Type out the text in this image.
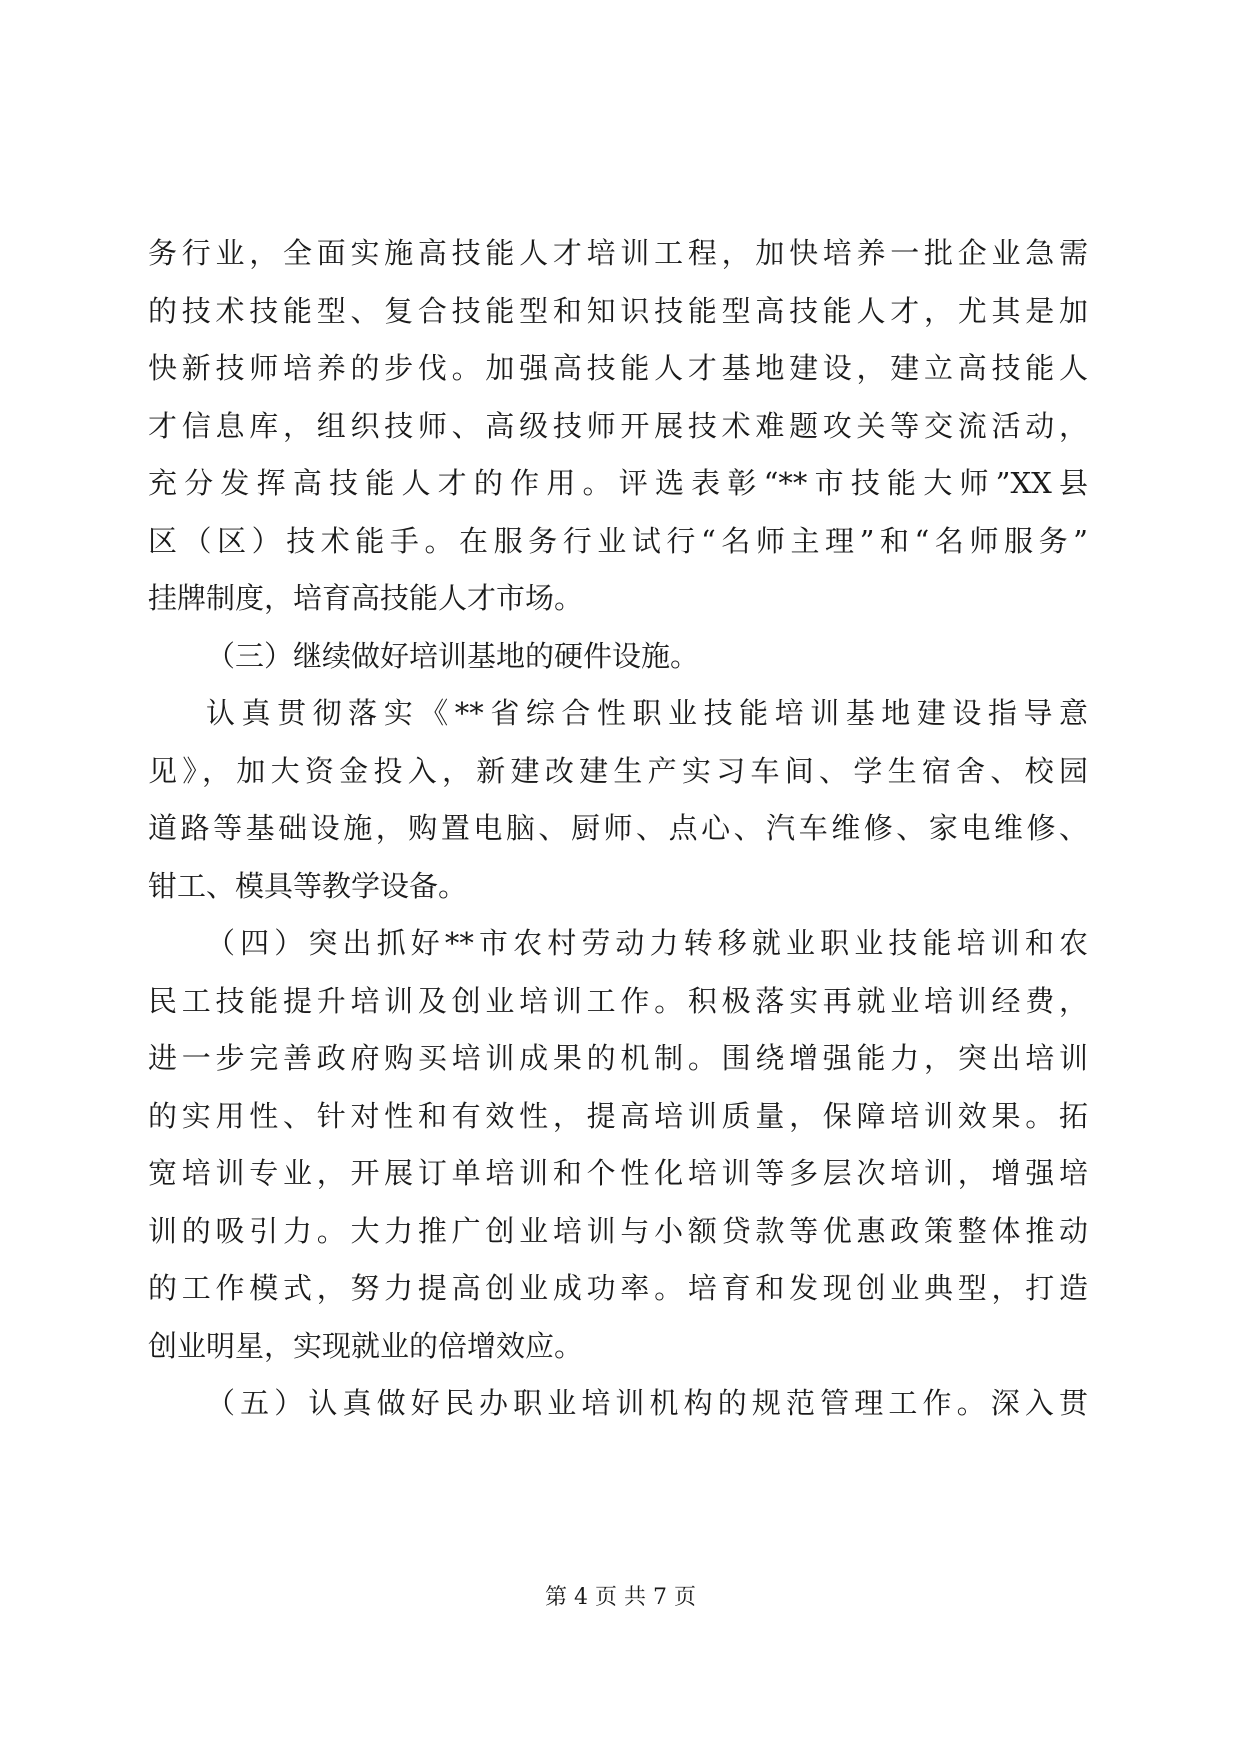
务行业，全面实施高技能人才培训工程，加快培养一批企业急需
的技术技能型、复合技能型和知识技能型高技能人才，尤其是加
快新技师培养的步伐。加强高技能人才基地建设，建立高技能人
才信息库，组织技师、高级技师开展技术难题攻关等交流活动，
充分发挥高技能人才的作用。评选表彰“**市技能大师”XX县
区（区）技术能手。在服务行业试行“名师主理”和“名师服务”
挂牌制度，培育高技能人才市场。
（三）继续做好培训基地的硬件设施。
认真贯彻落实《**省综合性职业技能培训基地建设指导意
见》，加大资金投入，新建改建生产实习车间、学生宿舍、校园
道路等基础设施，购置电脑、厨师、点心、汽车维修、家电维修、
钳工、模具等教学设备。
（四）突出抓好**市农村劳动力转移就业职业技能培训和农
民工技能提升培训及创业培训工作。积极落实再就业培训经费，
进一步完善政府购买培训成果的机制。围绕增强能力，突出培训
的实用性、针对性和有效性，提高培训质量，保障培训效果。拓
宽培训专业，开展订单培训和个性化培训等多层次培训，增强培
训的吸引力。大力推广创业培训与小额贷款等优惠政策整体推动
的工作模式，努力提高创业成功率。培育和发现创业典型，打造
创业明星，实现就业的倍增效应。
（五）认真做好民办职业培训机构的规范管理工作。深入贯
第 4 页 共 7 页
